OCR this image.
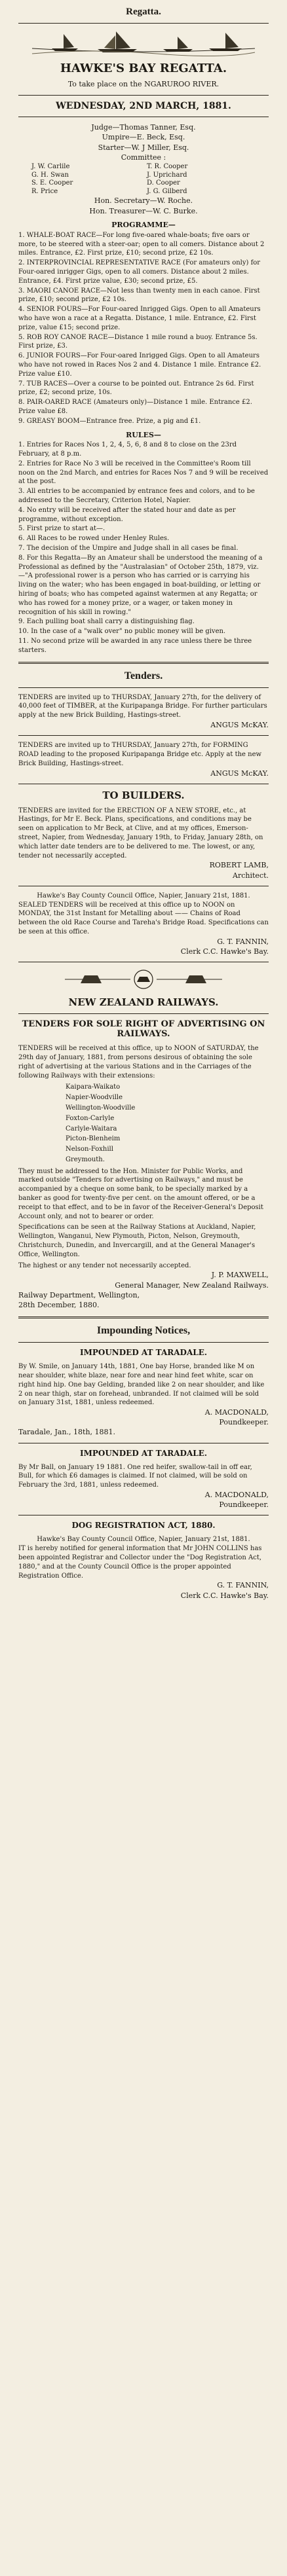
Regatta.
HAWKE'S BAY REGATTA.
To take place on the NGARUROO RIVER.
WEDNESDAY, 2ND MARCH, 1881.
Judge—Thomas Tanner, Esq.
Umpire—E. Beck, Esq.
Starter—W. J Miller, Esq.
Committee :
J. W. Carlile	T. R. Cooper
G. H. Swan	J. Uprichard
S. E. Cooper	D. Cooper
R. Price	J. G. Gilberd
Hon. Secretary—W. Roche.
Hon. Treasurer—W. C. Burke.
PROGRAMME—
1. WHALE-BOAT RACE—For long five-oared whale-boats; five oars or more, to be steered with a steer-oar; open to all comers. Distance about 2 miles. Entrance, £2. First prize, £10; second prize, £2 10s.
2. INTERPROVINCIAL REPRESENTATIVE RACE (For amateurs only) for Four-oared inrigger Gigs, open to all comers. Distance about 2 miles. Entrance, £4. First prize value, £30; second prize, £5.
3. MAORI CANOE RACE—Not less than twenty men in each canoe. First prize, £10; second prize, £2 10s.
4. SENIOR FOURS—For Four-oared Inrigged Gigs. Open to all Amateurs who have won a race at a Regatta. Distance, 1 mile. Entrance, £2. First prize, value £15; second prize.
5. ROB ROY CANOE RACE—Distance 1 mile round a buoy. Entrance 5s. First prize, £3.
6. JUNIOR FOURS—For Four-oared Inrigged Gigs. Open to all Amateurs who have not rowed in Races Nos 2 and 4. Distance 1 mile. Entrance £2. Prize value £10.
7. TUB RACES—Over a course to be pointed out. Entrance 2s 6d. First prize, £2; second prize, 10s.
8. PAIR-OARED RACE (Amateurs only)—Distance 1 mile. Entrance £2. Prize value £8.
9. GREASY BOOM—Entrance free. Prize, a pig and £1.
RULES—
1. Entries for Races Nos 1, 2, 4, 5, 6, 8 and 8 to close on the 23rd February, at 8 p.m.
2. Entries for Race No 3 will be received in the Committee's Room till noon on the 2nd March, and entries for Races Nos 7 and 9 will be received at the post.
3. All entries to be accompanied by entrance fees and colors, and to be addressed to the Secretary, Criterion Hotel, Napier.
4. No entry will be received after the stated hour and date as per programme, without exception.
5. First prize to start at—.
6. All Races to be rowed under Henley Rules.
7. The decision of the Umpire and Judge shall in all cases be final.
8. For this Regatta—By an Amateur shall be understood the meaning of a Professional as defined by the "Australasian" of October 25th, 1879, viz.—"A professional rower is a person who has carried or is carrying his living on the water; who has been engaged in boat-building, or letting or hiring of boats; who has competed against watermen at any Regatta; or who has rowed for a money prize, or a wager, or taken money in recognition of his skill in rowing."
9. Each pulling boat shall carry a distinguishing flag.
10. In the case of a "walk over" no public money will be given.
11. No second prize will be awarded in any race unless there be three starters.
Tenders.
TENDERS are invited up to THURSDAY, January 27th, for the delivery of 40,000 feet of TIMBER, at the Kuripapanga Bridge. For further particulars apply at the new Brick Building, Hastings-street.
ANGUS McKAY.
TENDERS are invited up to THURSDAY, January 27th, for FORMING ROAD leading to the proposed Kuripapanga Bridge etc. Apply at the new Brick Building, Hastings-street.
ANGUS McKAY.
TO BUILDERS.
TENDERS are invited for the ERECTION OF A NEW STORE, etc., at Hastings, for Mr E. Beck. Plans, specifications, and conditions may be seen on application to Mr Beck, at Clive, and at my offices, Emerson-street, Napier, from Wednesday, January 19th, to Friday, January 28th, on which latter date tenders are to be delivered to me. The lowest, or any, tender not necessarily accepted.
ROBERT LAMB,
Architect.
Hawke's Bay County Council Office, Napier, January 21st, 1881.
SEALED TENDERS will be received at this office up to NOON on MONDAY, the 31st Instant for Metalling about —— Chains of Road between the old Race Course and Tareha's Bridge Road. Specifications can be seen at this office.
G. T. FANNIN,
Clerk C.C. Hawke's Bay.
NEW ZEALAND RAILWAYS.
TENDERS FOR SOLE RIGHT OF ADVERTISING ON RAILWAYS.
TENDERS will be received at this office, up to NOON of SATURDAY, the 29th day of January, 1881, from persons desirous of obtaining the sole right of advertising at the various Stations and in the Carriages of the following Railways with their extensions:
Kaipara-Waikato
Napier-Woodville
Wellington-Woodville
Foxton-Carlyle
Carlyle-Waitara
Picton-Blenheim
Nelson-Foxhill
Greymouth.
They must be addressed to the Hon. Minister for Public Works, and marked outside "Tenders for advertising on Railways," and must be accompanied by a cheque on some bank, to be specially marked by a banker as good for twenty-five per cent. on the amount offered, or be a receipt to that effect, and to be in favor of the Receiver-General's Deposit Account only, and not to bearer or order.
Specifications can be seen at the Railway Stations at Auckland, Napier, Wellington, Wanganui, New Plymouth, Picton, Nelson, Greymouth, Christchurch, Dunedin, and Invercargill, and at the General Manager's Office, Wellington.
The highest or any tender not necessarily accepted.
J. P. MAXWELL,
General Manager, New Zealand Railways.
Railway Department, Wellington,
28th December, 1880.
Impounding Notices,
IMPOUNDED AT TARADALE.
By W. Smile, on January 14th, 1881, One bay Horse, branded like M on near shoulder, white blaze, near fore and near hind feet white, scar on right hind hip. One bay Gelding, branded like 2 on near shoulder, and like 2 on near thigh, star on forehead, unbranded. If not claimed will be sold on January 31st, 1881, unless redeemed.
A. MACDONALD,
Poundkeeper.
Taradale, Jan., 18th, 1881.
IMPOUNDED AT TARADALE.
By Mr Ball, on January 19 1881. One red heifer, swallow-tail in off ear, Bull, for which £6 damages is claimed. If not claimed, will be sold on February the 3rd, 1881, unless redeemed.
A. MACDONALD,
Poundkeeper.
DOG REGISTRATION ACT, 1880.
Hawke's Bay County Council Office, Napier, January 21st, 1881.
IT is hereby notified for general information that Mr JOHN COLLINS has been appointed Registrar and Collector under the "Dog Registration Act, 1880," and at the County Council Office is the proper appointed Registration Office.
G. T. FANNIN,
Clerk C.C. Hawke's Bay.
